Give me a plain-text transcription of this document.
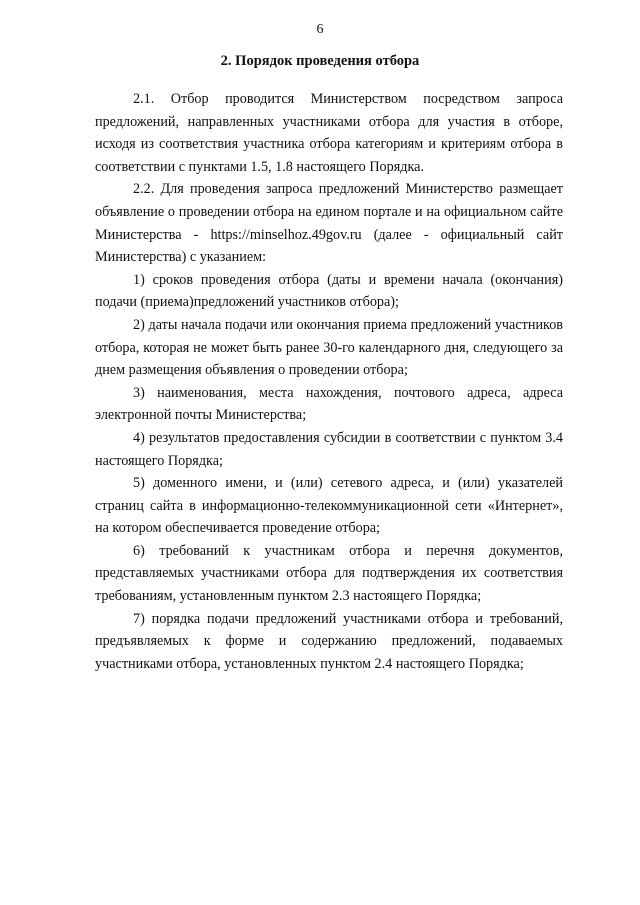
6
2. Порядок проведения отбора

2.1. Отбор проводится Министерством посредством запроса предложений, направленных участниками отбора для участия в отборе, исходя из соответствия участника отбора категориям и критериям отбора в соответствии с пунктами 1.5, 1.8 настоящего Порядка.

2.2. Для проведения запроса предложений Министерство размещает объявление о проведении отбора на едином портале и на официальном сайте Министерства - https://minselhoz.49gov.ru (далее - официальный сайт Министерства) с указанием:

1) сроков проведения отбора (даты и времени начала (окончания) подачи (приема)предложений участников отбора);

2) даты начала подачи или окончания приема предложений участников отбора, которая не может быть ранее 30-го календарного дня, следующего за днем размещения объявления о проведении отбора;

3) наименования, места нахождения, почтового адреса, адреса электронной почты Министерства;

4) результатов предоставления субсидии в соответствии с пунктом 3.4 настоящего Порядка;

5) доменного имени, и (или) сетевого адреса, и (или) указателей страниц сайта в информационно-телекоммуникационной сети «Интернет», на котором обеспечивается проведение отбора;

6) требований к участникам отбора и перечня документов, представляемых участниками отбора для подтверждения их соответствия требованиям, установленным пунктом 2.3 настоящего Порядка;

7) порядка подачи предложений участниками отбора и требований, предъявляемых к форме и содержанию предложений, подаваемых участниками отбора, установленных пунктом 2.4 настоящего Порядка;
